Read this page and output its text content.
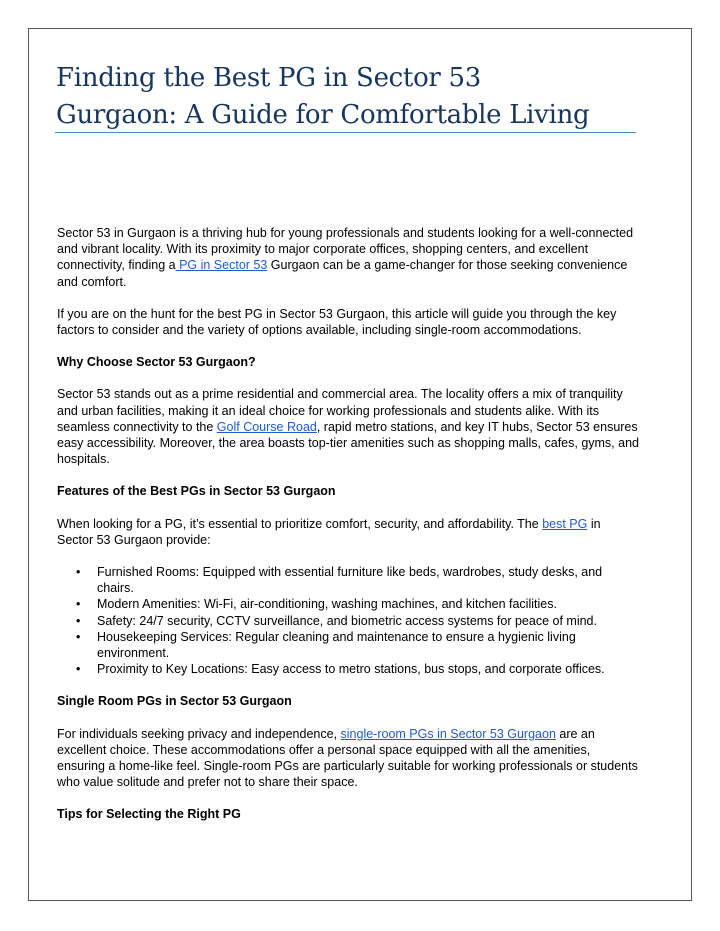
Finding the Best PG in Sector 53
Gurgaon: A Guide for Comfortable Living

Sector 53 in Gurgaon is a thriving hub for young professionals and students looking for a well-connected and vibrant locality. With its proximity to major corporate offices, shopping centers, and excellent connectivity, finding a PG in Sector 53 Gurgaon can be a game-changer for those seeking convenience and comfort.

If you are on the hunt for the best PG in Sector 53 Gurgaon, this article will guide you through the key factors to consider and the variety of options available, including single-room accommodations.

Why Choose Sector 53 Gurgaon?

Sector 53 stands out as a prime residential and commercial area. The locality offers a mix of tranquility and urban facilities, making it an ideal choice for working professionals and students alike. With its seamless connectivity to the Golf Course Road, rapid metro stations, and key IT hubs, Sector 53 ensures easy accessibility. Moreover, the area boasts top-tier amenities such as shopping malls, cafes, gyms, and hospitals.

Features of the Best PGs in Sector 53 Gurgaon

When looking for a PG, it’s essential to prioritize comfort, security, and affordability. The best PG in Sector 53 Gurgaon provide:

• Furnished Rooms: Equipped with essential furniture like beds, wardrobes, study desks, and chairs.
• Modern Amenities: Wi-Fi, air-conditioning, washing machines, and kitchen facilities.
• Safety: 24/7 security, CCTV surveillance, and biometric access systems for peace of mind.
• Housekeeping Services: Regular cleaning and maintenance to ensure a hygienic living environment.
• Proximity to Key Locations: Easy access to metro stations, bus stops, and corporate offices.
Single Room PGs in Sector 53 Gurgaon

For individuals seeking privacy and independence, single-room PGs in Sector 53 Gurgaon are an excellent choice. These accommodations offer a personal space equipped with all the amenities, ensuring a home-like feel. Single-room PGs are particularly suitable for working professionals or students who value solitude and prefer not to share their space.

Tips for Selecting the Right PG
